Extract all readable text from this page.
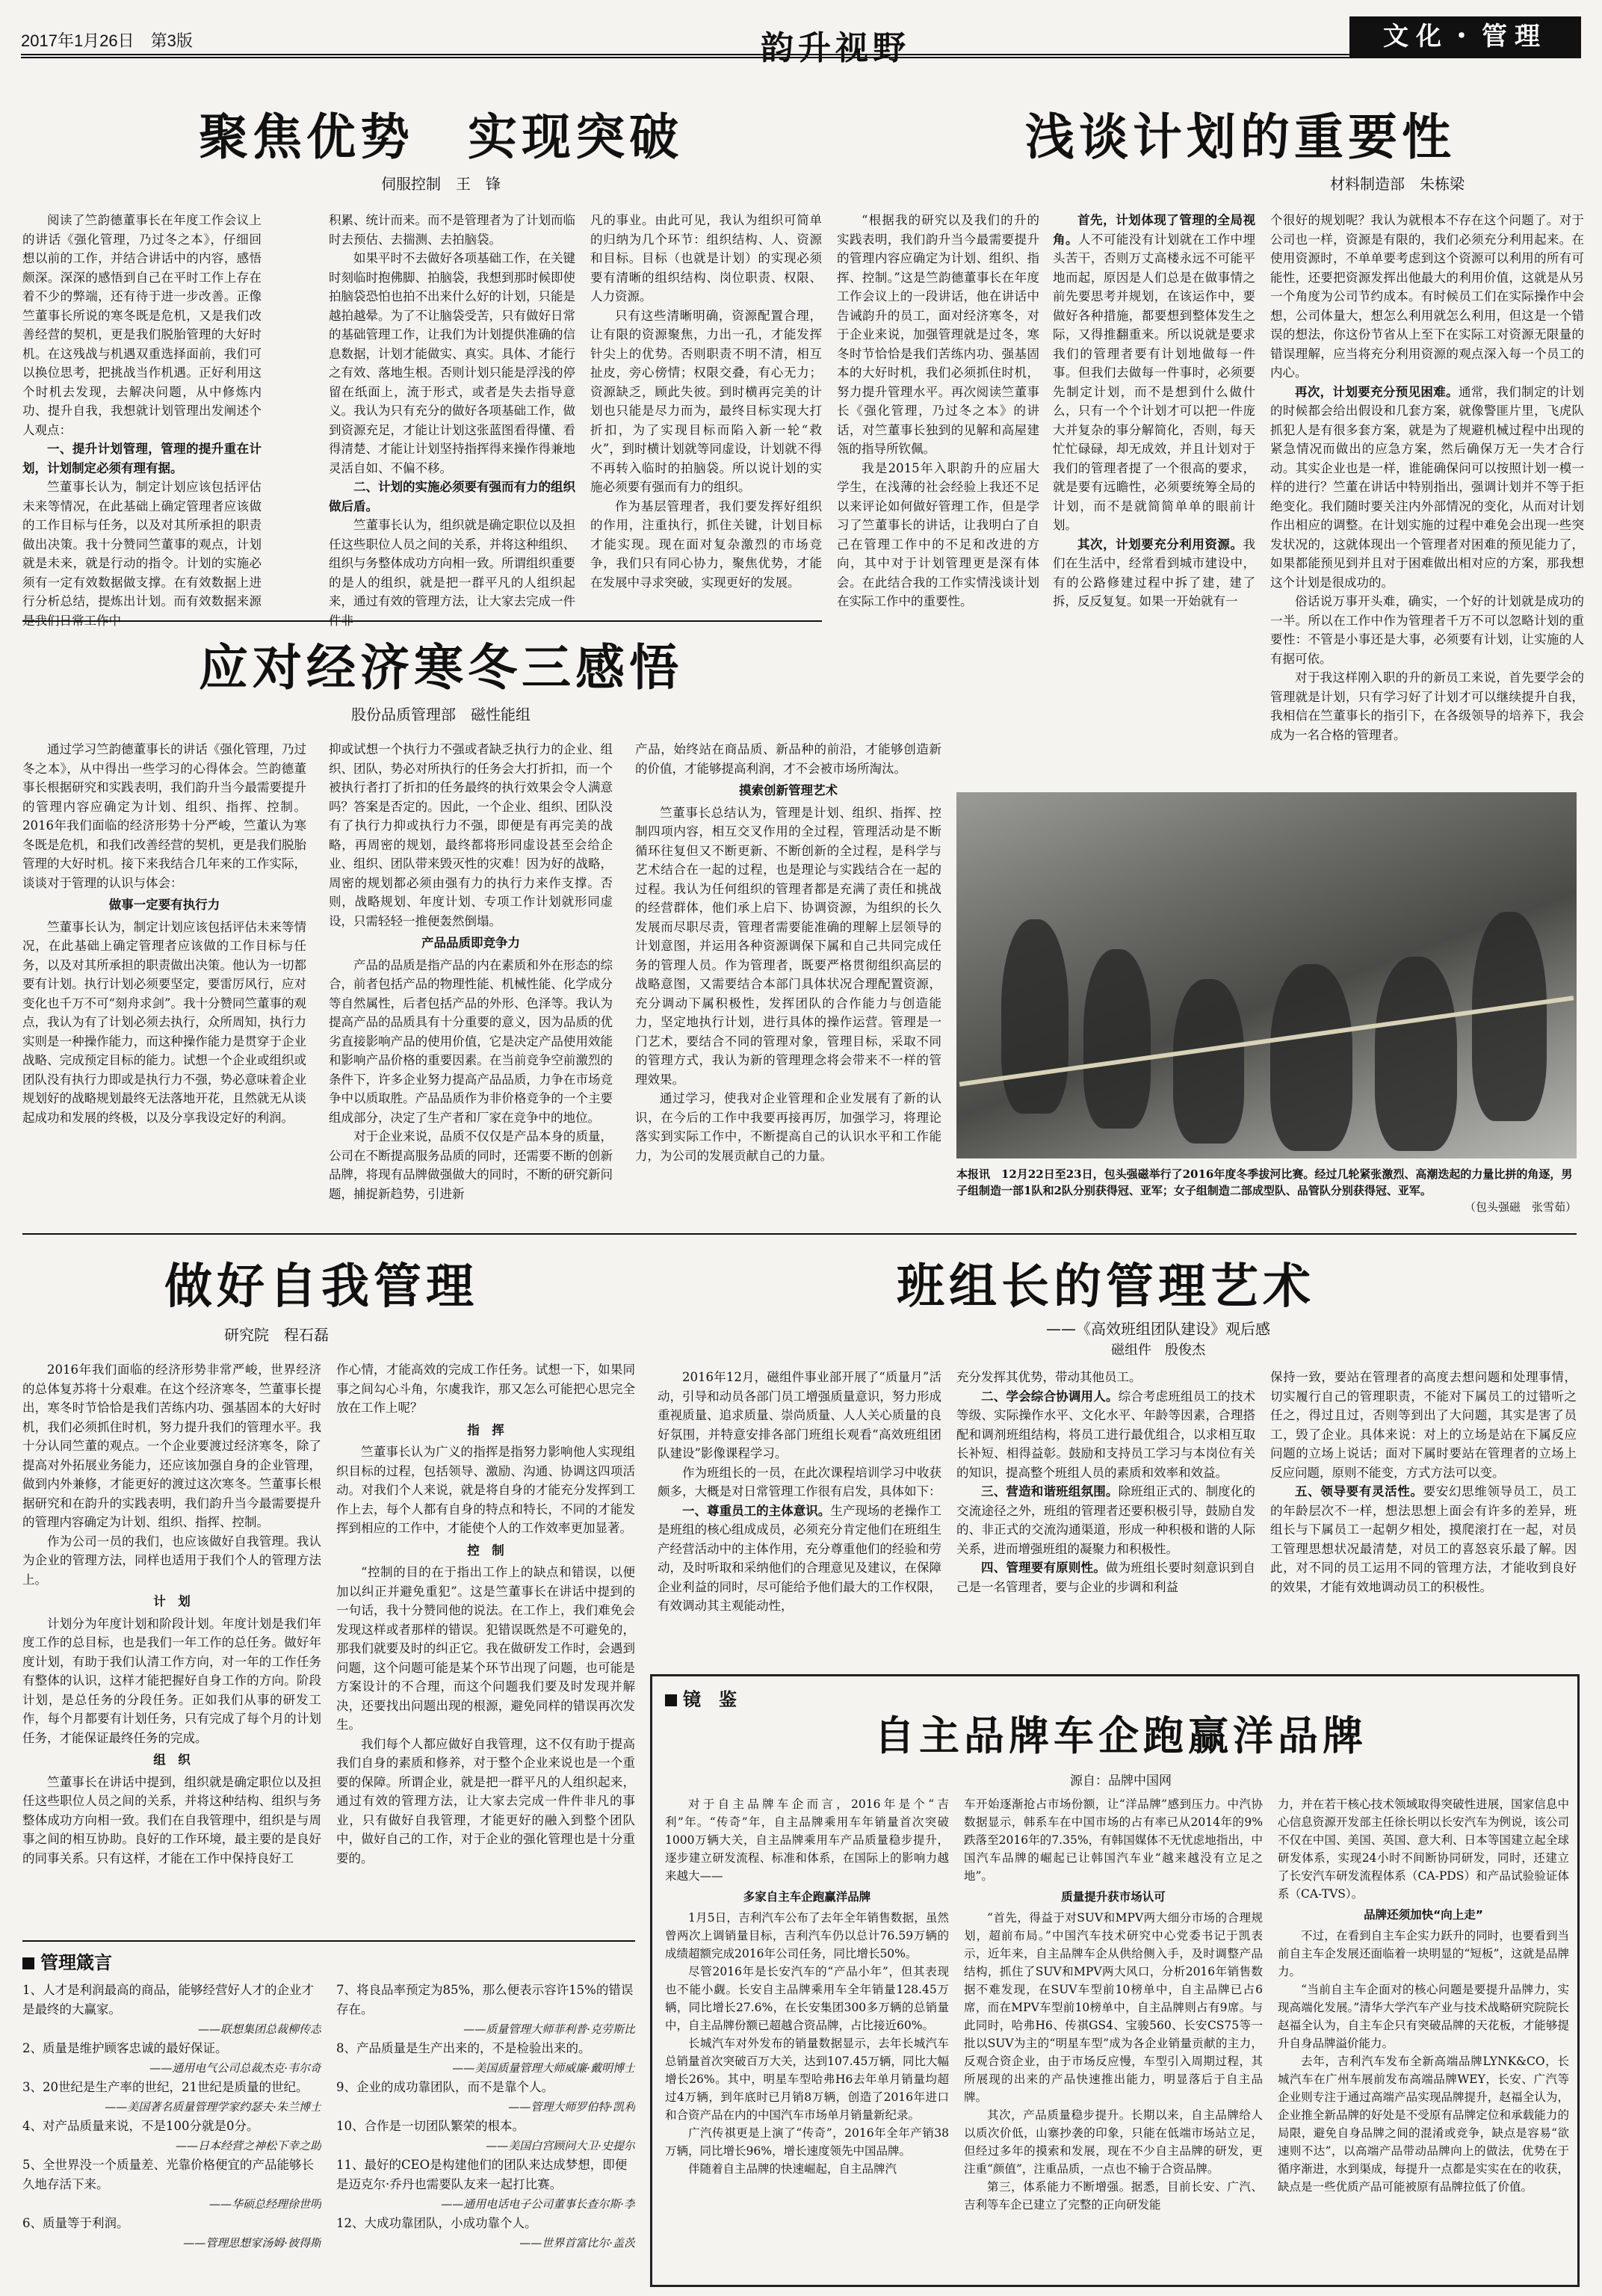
2017年1月26日　第3版	韵升视野	文化・管理
聚焦优势　实现突破
伺服控制　王　锋

阅读了竺韵德董事长在年度工作会议上的讲话《强化管理，乃过冬之本》，仔细回想以前的工作，并结合讲话中的内容，感悟颇深。深深的感悟到自己在平时工作上存在着不少的弊端，还有待于进一步改善。正像竺董事长所说的寒冬既是危机，又是我们改善经营的契机，更是我们脱胎管理的大好时机。在这残战与机遇双重选择面前，我们可以换位思考，把挑战当作机遇。正好利用这个时机去发现，去解决问题，从中修炼内功、提升自我，我想就计划管理出发阐述个人观点：

一、提升计划管理，管理的提升重在计划，计划制定必须有理有据。

竺董事长认为，制定计划应该包括评估未来等情况，在此基础上确定管理者应该做的工作目标与任务，以及对其所承担的职责做出决策。我十分赞同竺董事的观点，计划就是未来，就是行动的指令。计划的实施必须有一定有效数据做支撑。在有效数据上进行分析总结，提炼出计划。而有效数据来源是我们日常工作中

积累、统计而来。而不是管理者为了计划而临时去预估、去揣测、去拍脑袋。

如果平时不去做好各项基础工作，在关键时刻临时抱佛脚、拍脑袋，我想到那时候即使拍脑袋恐怕也拍不出来什么好的计划，只能是越拍越晕。为了不让脑袋受苦，只有做好日常的基础管理工作，让我们为计划提供准确的信息数据，计划才能做实、真实。具体、才能行之有效、落地生根。否则计划只能是浮浅的停留在纸面上，流于形式，或者是失去指导意义。我认为只有充分的做好各项基础工作，做到资源充足，才能让计划这张蓝图看得懂、看得清楚、才能让计划坚持指挥得来操作得兼地灵活自如、不偏不移。

二、计划的实施必须要有强而有力的组织做后盾。

竺董事长认为，组织就是确定职位以及担任这些职位人员之间的关系，并将这种组织、组织与务整体成功方向相一致。所谓组织重要的是人的组织，就是把一群平凡的人组织起来，通过有效的管理方法，让大家去完成一件件非

凡的事业。由此可见，我认为组织可简单的归纳为几个环节：组织结构、人、资源和目标。目标（也就是计划）的实现必须要有清晰的组织结构、岗位职责、权限、人力资源。

只有这些清晰明确，资源配置合理，让有限的资源聚焦，力出一孔，才能发挥针尖上的优势。否则职责不明不清，相互扯皮，旁心傍情；权限交叠，有心无力；资源缺乏，顾此失彼。到时横再完美的计划也只能是尽力而为，最终目标实现大打折扣，为了实现目标而陷入新一轮“救火”，到时横计划就等同虚设，计划就不得不再转入临时的拍脑袋。所以说计划的实施必须要有强而有力的组织。

作为基层管理者，我们要发挥好组织的作用，注重执行，抓住关键，计划目标才能实现。现在面对复杂激烈的市场竞争，我们只有同心协力，聚焦优势，才能在发展中寻求突破，实现更好的发展。

浅谈计划的重要性
材料制造部　朱栋梁

“根据我的研究以及我们的升的实践表明，我们韵升当今最需要提升的管理内容应确定为计划、组织、指挥、控制。”这是竺韵德董事长在年度工作会议上的一段讲话，他在讲话中告诫韵升的员工，面对经济寒冬，对于企业来说，加强管理就是过冬，寒冬时节恰恰是我们苦练内功、强基固本的大好时机，我们必须抓住时机，努力提升管理水平。再次阅读竺董事长《强化管理，乃过冬之本》的讲话，对竺董事长独到的见解和高屋建瓴的指导所钦佩。

我是2015年入职韵升的应届大学生，在浅薄的社会经验上我还不足以来评论如何做好管理工作，但是学习了竺董事长的讲话，让我明白了自己在管理工作中的不足和改进的方向，其中对于计划管理更是深有体会。在此结合我的工作实情浅谈计划在实际工作中的重要性。

首先，计划体现了管理的全局视角。人不可能没有计划就在工作中埋头苦干，否则万丈高楼永远不可能平地而起，原因是人们总是在做事情之前先要思考并规划，在该运作中，要做好各种措施，都要想到整体发生之际，又得推翻重来。所以说就是要求我们的管理者要有计划地做每一件事。但我们去做每一件事时，必须要先制定计划，而不是想到什么做什么，只有一个个计划才可以把一件庞大并复杂的事分解简化，否则，每天忙忙碌碌，却无成效，并且计划对于我们的管理者提了一个很高的要求，就是要有远瞻性，必须要统筹全局的计划，而不是就简简单单的眼前计划。

其次，计划要充分利用资源。我们在生活中，经常看到城市建设中，有的公路修建过程中拆了建，建了拆，反反复复。如果一开始就有一

个很好的规划呢？我认为就根本不存在这个问题了。对于公司也一样，资源是有限的，我们必须充分利用起来。在使用资源时，不单单要考虑到这个资源可以利用的所有可能性，还要把资源发挥出他最大的利用价值，这就是从另一个角度为公司节约成本。有时候员工们在实际操作中会想，公司体量大，想怎么利用就怎么利用，但这是一个错误的想法，你这份节省从上至下在实际工对资源无限量的错误理解，应当将充分利用资源的观点深入每一个员工的内心。

再次，计划要充分预见困难。通常，我们制定的计划的时候都会给出假设和几套方案，就像警匪片里，飞虎队抓犯人是有很多套方案，就是为了规避机械过程中出现的紧急情况而做出的应急方案，然后确保万无一失才合行动。其实企业也是一样，谁能确保问可以按照计划一模一样的进行？竺董在讲话中特别指出，强调计划并不等于拒绝变化。我们随时要关注内外部情况的变化，从而对计划作出相应的调整。在计划实施的过程中难免会出现一些突发状况的，这就体现出一个管理者对困难的预见能力了，如果都能预见到并且对于困难做出相对应的方案，那我想这个计划是很成功的。

俗话说万事开头难，确实，一个好的计划就是成功的一半。所以在工作中作为管理者千万不可以忽略计划的重要性：不管是小事还是大事，必须要有计划，让实施的人有据可依。

对于我这样刚入职的升的新员工来说，首先要学会的管理就是计划，只有学习好了计划才可以继续提升自我，我相信在竺董事长的指引下，在各级领导的培养下，我会成为一名合格的管理者。

应对经济寒冬三感悟
股份品质管理部　磁性能组

通过学习竺韵德董事长的讲话《强化管理，乃过冬之本》，从中得出一些学习的心得体会。竺韵德董事长根据研究和实践表明，我们韵升当今最需要提升的管理内容应确定为计划、组织、指挥、控制。2016年我们面临的经济形势十分严峻，竺董认为寒冬既是危机，和我们改善经营的契机，更是我们脱胎管理的大好时机。接下来我结合几年来的工作实际，谈谈对于管理的认识与体会：

做事一定要有执行力

竺董事长认为，制定计划应该包括评估未来等情况，在此基础上确定管理者应该做的工作目标与任务，以及对其所承担的职责做出决策。他认为一切都要有计划。执行计划必须要坚定，要雷厉风行，应对变化也千万不可“刻舟求剑”。我十分赞同竺董事的观点，我认为有了计划必须去执行，众所周知，执行力实则是一种操作能力，而这种操作能力是贯穿于企业战略、完成预定目标的能力。试想一个企业或组织或团队没有执行力即或是执行力不强，势必意味着企业规划好的战略规划最终无法落地开花，且然就无从谈起成功和发展的终极，以及分享我设定好的利润。

抑或试想一个执行力不强或者缺乏执行力的企业、组织、团队，势必对所执行的任务会大打折扣，而一个被执行者打了折扣的任务最终的执行效果会令人满意吗？答案是否定的。因此，一个企业、组织、团队没有了执行力抑或执行力不强，即便是有再完美的战略，再周密的规划，最终都将形同虚设甚至会给企业、组织、团队带来毁灭性的灾难！因为好的战略，周密的规划都必须由强有力的执行力来作支撑。否则，战略规划、年度计划、专项工作计划就形同虚设，只需轻轻一推便轰然倒塌。

产品品质即竞争力

产品的品质是指产品的内在素质和外在形态的综合，前者包括产品的物理性能、机械性能、化学成分等自然属性，后者包括产品的外形、色泽等。我认为提高产品的品质具有十分重要的意义，因为品质的优劣直接影响产品的使用价值，它是决定产品使用效能和影响产品价格的重要因素。在当前竞争空前激烈的条件下，许多企业努力提高产品品质，力争在市场竞争中以质取胜。产品品质作为非价格竞争的一个主要组成部分，决定了生产者和厂家在竞争中的地位。

对于企业来说，品质不仅仅是产品本身的质量，公司在不断提高服务品质的同时，还需要不断的创新品牌，将现有品牌做强做大的同时，不断的研究新问题，捕捉新趋势，引进新

产品，始终站在商品质、新品种的前沿，才能够创造新的价值，才能够提高利润，才不会被市场所淘汰。

摸索创新管理艺术

竺董事长总结认为，管理是计划、组织、指挥、控制四项内容，相互交叉作用的全过程，管理活动是不断循环往复但又不断更新、不断创新的全过程，是科学与艺术结合在一起的过程，也是理论与实践结合在一起的过程。我认为任何组织的管理者都是充满了责任和挑战的经营群体，他们承上启下、协调资源，为组织的长久发展而尽职尽责，管理者需要能准确的理解上层领导的计划意图，并运用各种资源调保下属和自己共同完成任务的管理人员。作为管理者，既要严格贯彻组织高层的战略意图，又需要结合本部门具体状况合理配置资源，充分调动下属积极性，发挥团队的合作能力与创造能力，坚定地执行计划，进行具体的操作运营。管理是一门艺术，要结合不同的管理对象，管理目标，采取不同的管理方式，我认为新的管理理念将会带来不一样的管理效果。

通过学习，使我对企业管理和企业发展有了新的认识，在今后的工作中我要再接再厉，加强学习，将理论落实到实际工作中，不断提高自己的认识水平和工作能力，为公司的发展贡献自己的力量。

本报讯　12月22日至23日，包头强磁举行了2016年度冬季拔河比赛。经过几轮紧张激烈、高潮迭起的力量比拼的角逐，男子组制造一部1队和2队分别获得冠、亚军；女子组制造二部成型队、品管队分别获得冠、亚军。
（包头强磁　张雪茹）
做好自我管理
研究院　程石磊

2016年我们面临的经济形势非常严峻，世界经济的总体复苏将十分艰难。在这个经济寒冬，竺董事长提出，寒冬时节恰恰是我们苦练内功、强基固本的大好时机，我们必须抓住时机，努力提升我们的管理水平。我十分认同竺董的观点。一个企业要渡过经济寒冬，除了提高对外拓展业务能力，还应该加强自身的企业管理，做到内外兼修，才能更好的渡过这次寒冬。竺董事长根据研究和在韵升的实践表明，我们韵升当今最需要提升的管理内容确定为计划、组织、指挥、控制。

作为公司一员的我们，也应该做好自我管理。我认为企业的管理方法，同样也适用于我们个人的管理方法上。

计　划

计划分为年度计划和阶段计划。年度计划是我们年度工作的总目标，也是我们一年工作的总任务。做好年度计划，有助于我们认清工作方向，对一年的工作任务有整体的认识，这样才能把握好自身工作的方向。阶段计划，是总任务的分段任务。正如我们从事的研发工作，每个月都要有计划任务，只有完成了每个月的计划任务，才能保证最终任务的完成。

组　织

竺董事长在讲话中提到，组织就是确定职位以及担任这些职位人员之间的关系，并将这种结构、组织与务整体成功方向相一致。我们在自我管理中，组织是与周事之间的相互协助。良好的工作环境，最主要的是良好的同事关系。只有这样，才能在工作中保持良好工

作心情，才能高效的完成工作任务。试想一下，如果同事之间勾心斗角，尔虞我诈，那又怎么可能把心思完全放在工作上呢？

指　挥

竺董事长认为广义的指挥是指努力影响他人实现组织目标的过程，包括领导、激励、沟通、协调这四项活动。对我们个人来说，就是将自身的才能充分发挥到工作上去，每个人都有自身的特点和特长，不同的才能发挥到相应的工作中，才能使个人的工作效率更加显著。

控　制

“控制的目的在于指出工作上的缺点和错误，以便加以纠正并避免重犯”。这是竺董事长在讲话中提到的一句话，我十分赞同他的说法。在工作上，我们难免会发现这样或者那样的错误。犯错误既然是不可避免的，那我们就要及时的纠正它。我在做研发工作时，会遇到问题，这个问题可能是某个环节出现了问题，也可能是方案设计的不合理，而这个问题我们要及时发现并解决，还要找出问题出现的根源，避免同样的错误再次发生。

我们每个人都应做好自我管理，这不仅有助于提高我们自身的素质和修养，对于整个企业来说也是一个重要的保障。所谓企业，就是把一群平凡的人组织起来，通过有效的管理方法，让大家去完成一件件非凡的事业，只有做好自我管理，才能更好的融入到整个团队中，做好自己的工作，对于企业的强化管理也是十分重要的。

班组长的管理艺术
——《高效班组团队建设》观后感
磁组件　殷俊杰

2016年12月，磁组件事业部开展了“质量月”活动，引导和动员各部门员工增强质量意识，努力形成重视质量、追求质量、崇尚质量、人人关心质量的良好氛围，并特意安排各部门班组长观看“高效班组团队建设”影像课程学习。

作为班组长的一员，在此次课程培训学习中收获颇多，大概是对日常管理工作很有启发，具体如下：

一、尊重员工的主体意识。生产现场的老操作工是班组的核心组成成员，必须充分肯定他们在班组生产经营活动中的主体作用，充分尊重他们的经验和劳动，及时听取和采纳他们的合理意见及建议，在保障企业利益的同时，尽可能给予他们最大的工作权限，有效调动其主观能动性，

充分发挥其优势，带动其他员工。

二、学会综合协调用人。综合考虑班组员工的技术等级、实际操作水平、文化水平、年龄等因素，合理搭配和调剂班组结构，将员工进行最优组合，以求相互取长补短、相得益彰。鼓励和支持员工学习与本岗位有关的知识，提高整个班组人员的素质和效率和效益。

三、营造和谐班组氛围。除班组正式的、制度化的交流途径之外，班组的管理者还要积极引导，鼓励自发的、非正式的交流沟通渠道，形成一种积极和谐的人际关系，进而增强班组的凝聚力和积极性。

四、管理要有原则性。做为班组长要时刻意识到自己是一名管理者，要与企业的步调和利益

保持一致，要站在管理者的高度去想问题和处理事情，切实履行自己的管理职责，不能对下属员工的过错听之任之，得过且过，否则等到出了大问题，其实是害了员工，毁了企业。具体来说：对上的立场是站在下属反应问题的立场上说话；面对下属时要站在管理者的立场上反应问题，原则不能变，方式方法可以变。

五、领导要有灵活性。要安幻思维领导员工，员工的年龄层次不一样，想法思想上面会有许多的差异，班组长与下属员工一起朝夕相处，摸爬滚打在一起，对员工管理思想状况最清楚，对员工的喜怒哀乐最了解。因此，对不同的员工运用不同的管理方法，才能收到良好的效果，才能有效地调动员工的积极性。

管理箴言
1、人才是利润最高的商品，能够经营好人才的企业才是最终的大赢家。
——联想集团总裁柳传志
2、质量是维护顾客忠诚的最好保证。
——通用电气公司总裁杰克·韦尔奇
3、20世纪是生产率的世纪，21世纪是质量的世纪。
——美国著名质量管理学家约瑟夫·朱兰博士
4、对产品质量来说，不是100分就是0分。
——日本经营之神松下幸之助
5、全世界没一个质量差、光靠价格便宜的产品能够长久地存活下来。
——华硕总经理徐世明
6、质量等于利润。
——管理思想家汤姆·彼得斯
7、将良品率预定为85%，那么便表示容许15%的错误存在。
——质量管理大师菲利普·克劳斯比
8、产品质量是生产出来的，不是检验出来的。
——美国质量管理大师威廉·戴明博士
9、企业的成功靠团队，而不是靠个人。
——管理大师罗伯特·凯利
10、合作是一切团队繁荣的根本。
——美国白宫顾问大卫·史提尔
11、最好的CEO是构建他们的团队来达成梦想，即便是迈克尔·乔丹也需要队友来一起打比赛。
——通用电话电子公司董事长查尔斯·李
12、大成功靠团队，小成功靠个人。
——世界首富比尔·盖茨
镜　鉴
自主品牌车企跑赢洋品牌
源自：品牌中国网

对于自主品牌车企而言，2016年是个“吉利”年。“传奇”年，自主品牌乘用车年销量首次突破1000万辆大关，自主品牌乘用车产品质量稳步提升，逐步建立研发流程、标准和体系，在国际上的影响力越来越大——

多家自主车企跑赢洋品牌

1月5日，吉利汽车公布了去年全年销售数据，虽然曾两次上调销量目标，吉利汽车仍以总计76.59万辆的成绩超额完成2016年公司任务，同比增长50%。

尽管2016年是长安汽车的“产品小年”，但其表现也不能小觑。长安自主品牌乘用车全年销量128.45万辆，同比增长27.6%，在长安集团300多万辆的总销量中，自主品牌份额已超越合资品牌，占比接近60%。

长城汽车对外发布的销量数据显示，去年长城汽车总销量首次突破百万大关，达到107.45万辆，同比大幅增长26%。其中，明星车型哈弗H6去年单月销量均超过4万辆，到年底时已月销8万辆，创造了2016年进口和合资产品在内的中国汽车市场单月销量新纪录。

广汽传祺更是上演了“传奇”，2016年全年产销38万辆，同比增长96%，增长速度领先中国品牌。

伴随着自主品牌的快速崛起，自主品牌汽

车开始逐渐抢占市场份额，让“洋品牌”感到压力。中汽协数据显示，韩系车在中国市场的占有率已从2014年的9%跌落至2016年的7.35%，有韩国媒体不无忧虑地指出，中国汽车品牌的崛起已让韩国汽车业“越来越没有立足之地”。

质量提升获市场认可

“首先，得益于对SUV和MPV两大细分市场的合理规划，超前布局。”中国汽车技术研究中心党委书记于凯表示，近年来，自主品牌车企从供给侧入手，及时调整产品结构，抓住了SUV和MPV两大风口，分析2016年销售数据不难发现，在SUV车型前10榜单中，自主品牌已占6席，而在MPV车型前10榜单中，自主品牌则占有9席。与此同时，哈弗H6、传祺GS4、宝骏560、长安CS75等一批以SUV为主的“明星车型”成为各企业销量贡献的主力，反观合资企业，由于市场反应慢，车型引入周期过程，其所展现的出来的产品快速推出能力，明显落后于自主品牌。

其次，产品质量稳步提升。长期以来，自主品牌给人以质次价低，山寨抄袭的印象，只能在低端市场站立足，但经过多年的摸索和发展，现在不少自主品牌的研发，更注重“颜值”，注重品质，一点也不输于合资品牌。

第三，体系能力不断增强。据悉，目前长安、广汽、吉利等车企已建立了完整的正向研发能

力，并在若干核心技术领域取得突破性进展，国家信息中心信息资源开发部主任徐长明以长安汽车为例说，该公司不仅在中国、美国、英国、意大利、日本等国建立起全球研发体系，实现24小时不间断协同研发，同时，还建立了长安汽车研发流程体系（CA-PDS）和产品试验验证体系（CA-TVS）。

品牌还须加快“向上走”

不过，在看到自主车企实力跃升的同时，也要看到当前自主车企发展还面临着一块明显的“短板”，这就是品牌力。

“当前自主车企面对的核心问题是要提升品牌力，实现高端化发展。”清华大学汽车产业与技术战略研究院院长赵福全认为，自主车企只有突破品牌的天花板，才能够提升自身品牌溢价能力。

去年，吉利汽车发布全新高端品牌LYNK&CO，长城汽车在广州车展前发布高端品牌WEY，长安、广汽等企业则专注于通过高端产品实现品牌提升，赵福全认为，企业推全新品牌的好处是不受原有品牌定位和承载能力的局限，避免自身品牌之间的混淆或竞争，缺点是容易“欲速则不达”，以高端产品带动品牌向上的做法，优势在于循序渐进，水到渠成，每提升一点都是实实在在的收获，缺点是一些优质产品可能被原有品牌拉低了价值。
